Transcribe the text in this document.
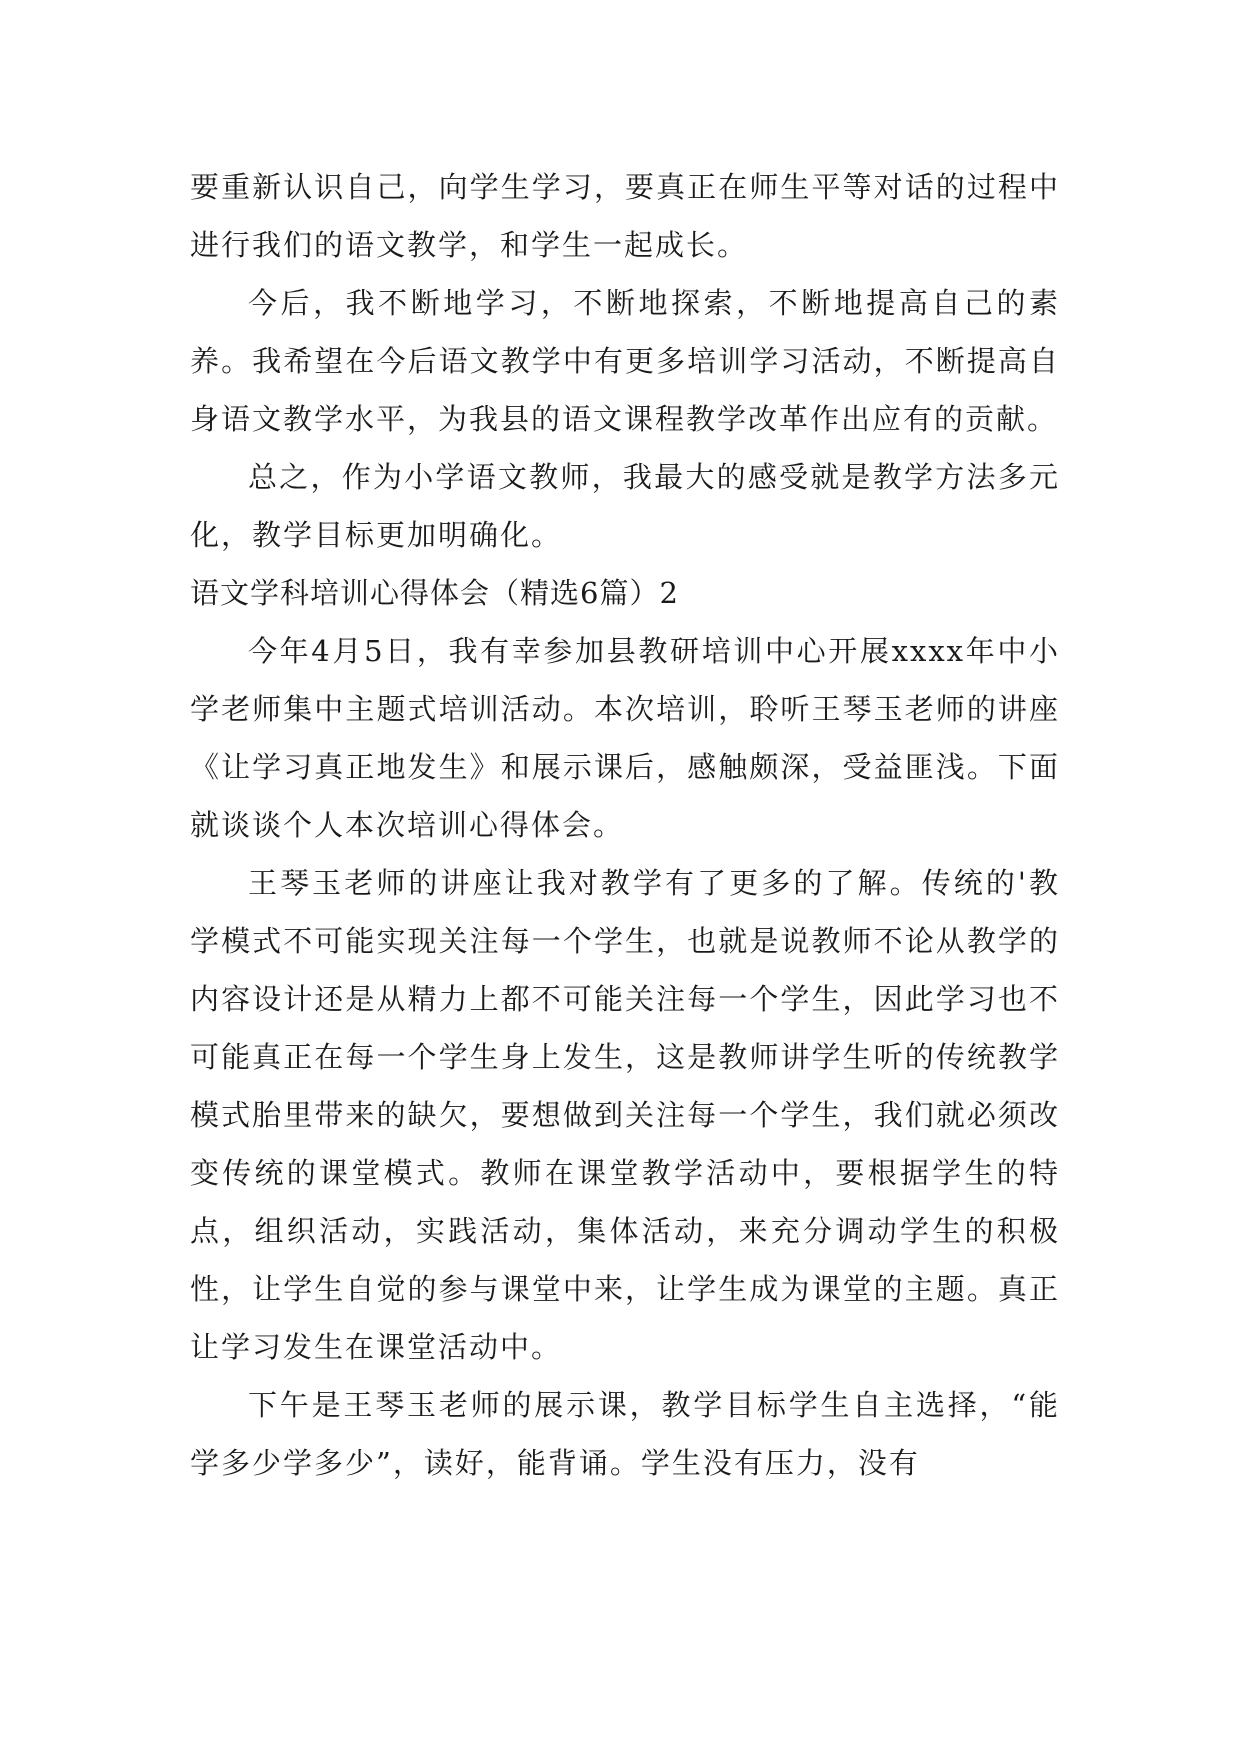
要重新认识自己，向学生学习，要真正在师生平等对话的过程中进行我们的语文教学，和学生一起成长。

今后，我不断地学习，不断地探索，不断地提高自己的素养。我希望在今后语文教学中有更多培训学习活动，不断提高自身语文教学水平，为我县的语文课程教学改革作出应有的贡献。

总之，作为小学语文教师，我最大的感受就是教学方法多元化，教学目标更加明确化。

语文学科培训心得体会（精选6篇）2

今年4月5日，我有幸参加县教研培训中心开展xxxx年中小学老师集中主题式培训活动。本次培训，聆听王琴玉老师的讲座《让学习真正地发生》和展示课后，感触颇深，受益匪浅。下面就谈谈个人本次培训心得体会。

王琴玉老师的讲座让我对教学有了更多的了解。传统的'教学模式不可能实现关注每一个学生，也就是说教师不论从教学的内容设计还是从精力上都不可能关注每一个学生，因此学习也不可能真正在每一个学生身上发生，这是教师讲学生听的传统教学模式胎里带来的缺欠，要想做到关注每一个学生，我们就必须改变传统的课堂模式。教师在课堂教学活动中，要根据学生的特点，组织活动，实践活动，集体活动，来充分调动学生的积极性，让学生自觉的参与课堂中来，让学生成为课堂的主题。真正让学习发生在课堂活动中。

下午是王琴玉老师的展示课，教学目标学生自主选择，“能学多少学多少”，读好，能背诵。学生没有压力，没有
